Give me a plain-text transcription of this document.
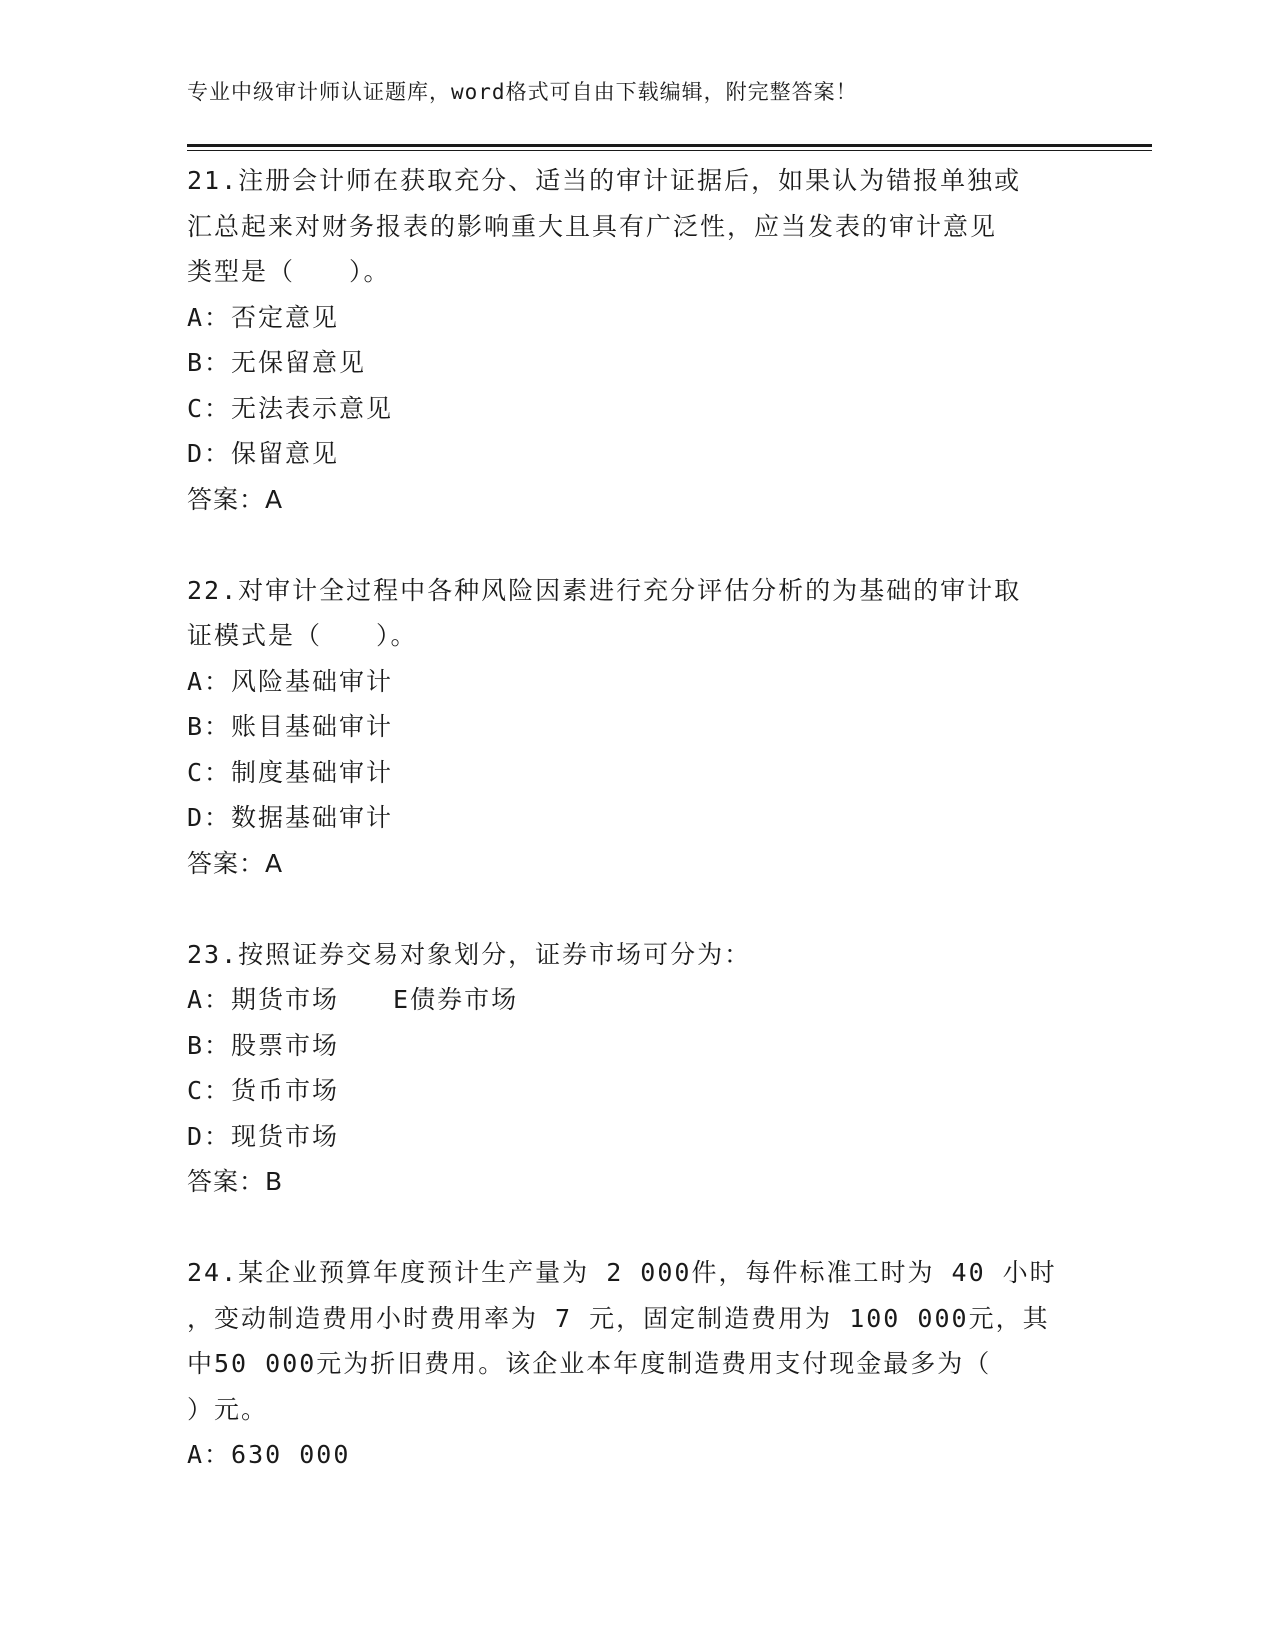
专业中级审计师认证题库，word格式可自由下载编辑，附完整答案！
21.注册会计师在获取充分、适当的审计证据后，如果认为错报单独或
汇总起来对财务报表的影响重大且具有广泛性，应当发表的审计意见
类型是（　　）。
A：否定意见
B：无保留意见
C：无法表示意见
D：保留意见
答案：A
22.对审计全过程中各种风险因素进行充分评估分析的为基础的审计取
证模式是（　　）。
A：风险基础审计
B：账目基础审计
C：制度基础审计
D：数据基础审计
答案：A
23.按照证券交易对象划分，证券市场可分为：
A：期货市场　　E债券市场
B：股票市场
C：货币市场
D：现货市场
答案：B
24.某企业预算年度预计生产量为 2 000件，每件标准工时为 40 小时
，变动制造费用小时费用率为 7 元，固定制造费用为 100 000元，其
中50 000元为折旧费用。该企业本年度制造费用支付现金最多为（
）元。
A：630 000
